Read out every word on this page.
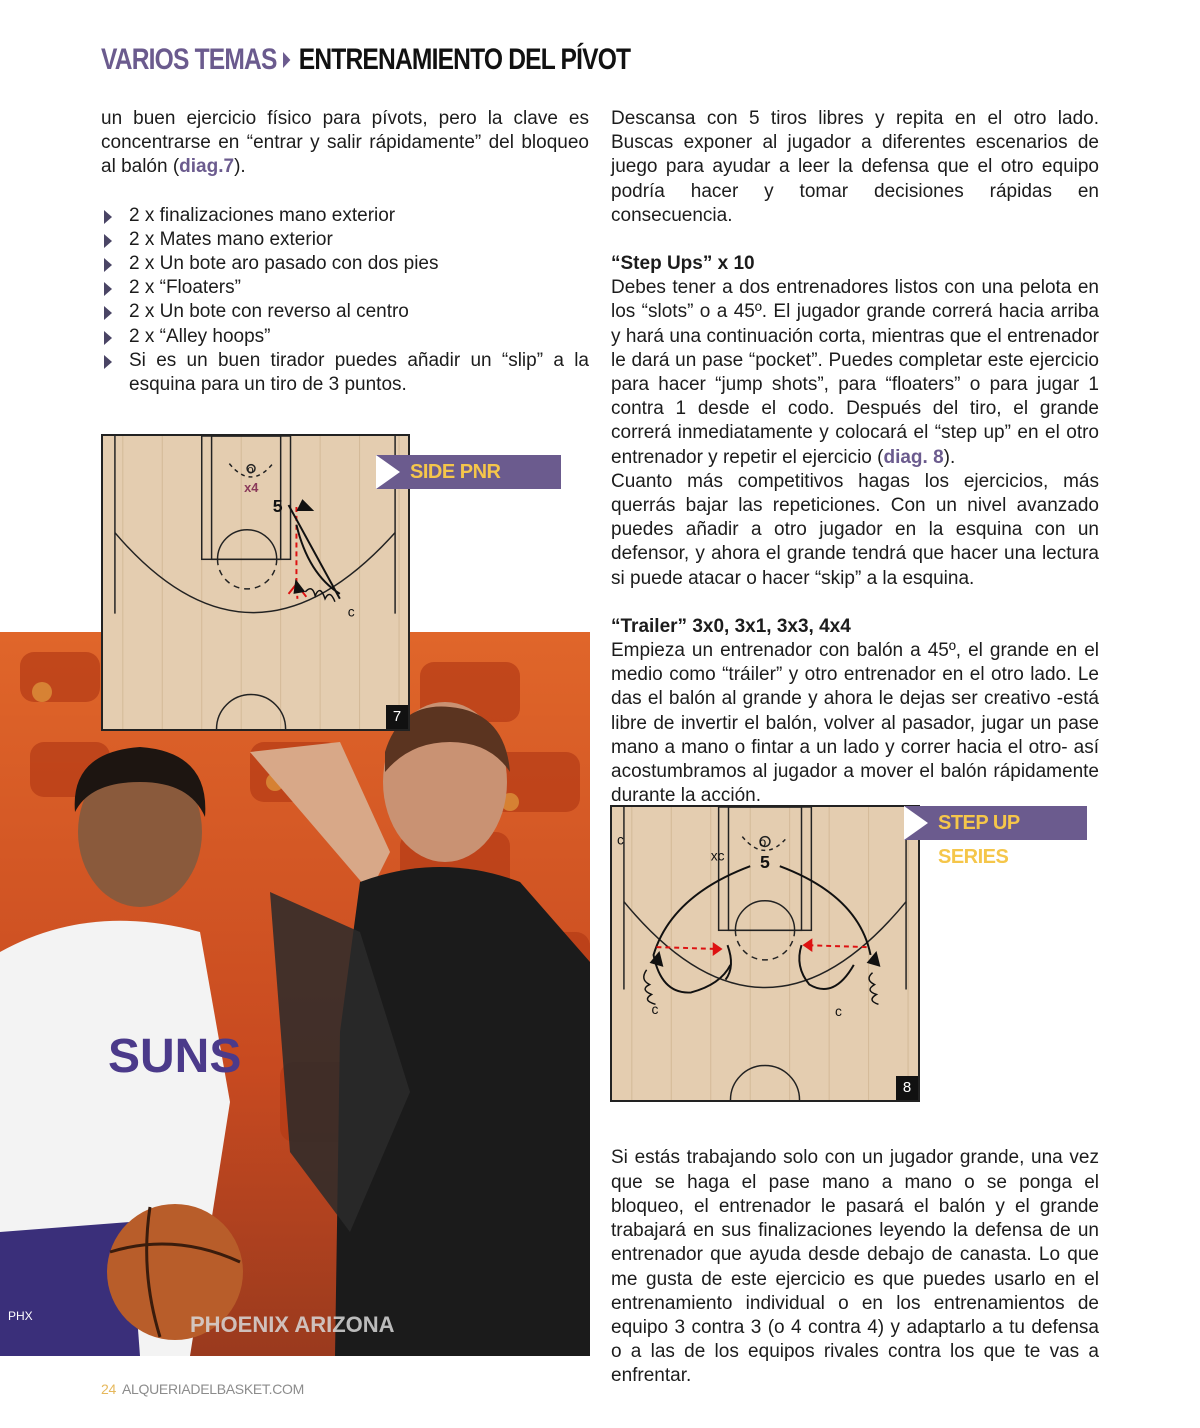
VARIOS TEMAS ENTRENAMIENTO DEL PÍVOT

un buen ejercicio físico para pívots, pero la clave es concentrarse en “entrar y salir rápidamente” del bloqueo al balón (diag.7).

2 x finalizaciones mano exterior
2 x Mates mano exterior
2 x Un bote aro pasado con dos pies
2 x “Floaters”
2 x Un bote con reverso al centro
2 x “Alley hoops”
Si es un buen tirador puedes añadir un “slip” a la esquina para un tiro de 3 puntos.
SUNS
PHX	PHOENIX ARIZONA
x4
o
5
c
7
SIDE PNR
c
xc
o
5
c	c
8
STEP UP SERIES

Descansa con 5 tiros libres y repita en el otro lado. Buscas exponer al jugador a diferentes escenarios de juego para ayudar a leer la defensa que el otro equipo podría hacer y tomar decisiones rápidas en consecuencia.

“Step Ups” x 10

Debes tener a dos entrenadores listos con una pelota en los “slots” o a 45º. El jugador grande correrá hacia arriba y hará una continuación corta, mientras que el entrenador le dará un pase “pocket”. Puedes completar este ejercicio para hacer “jump shots”, para “floaters” o para jugar 1 contra 1 desde el codo. Después del tiro, el grande correrá inmediatamente y colocará el “step up” en el otro entrenador y repetir el ejercicio (diag. 8).

Cuanto más competitivos hagas los ejercicios, más querrás bajar las repeticiones. Con un nivel avanzado puedes añadir a otro jugador en la esquina con un defensor, y ahora el grande tendrá que hacer una lectura si puede atacar o hacer “skip” a la esquina.

“Trailer” 3x0, 3x1, 3x3, 4x4

Empieza un entrenador con balón a 45º, el grande en el medio como “tráiler” y otro entrenador en el otro lado. Le das el balón al grande y ahora le dejas ser creativo -está libre de invertir el balón, volver al pasador, jugar un pase mano a mano o fintar a un lado y correr hacia el otro- así acostumbramos al jugador a mover el balón rápidamente durante la acción.

Si estás trabajando solo con un jugador grande, una vez que se haga el pase mano a mano o se ponga el bloqueo, el entrenador le pasará el balón y el grande trabajará en sus finalizaciones leyendo la defensa de un entrenador que ayuda desde debajo de canasta. Lo que me gusta de este ejercicio es que puedes usarlo en el entrenamiento individual o en los entrenamientos de equipo 3 contra 3 (o 4 contra 4) y adaptarlo a tu defensa o a las de los equipos rivales contra los que te vas a enfrentar.

24 ALQUERIADELBASKET.COM
